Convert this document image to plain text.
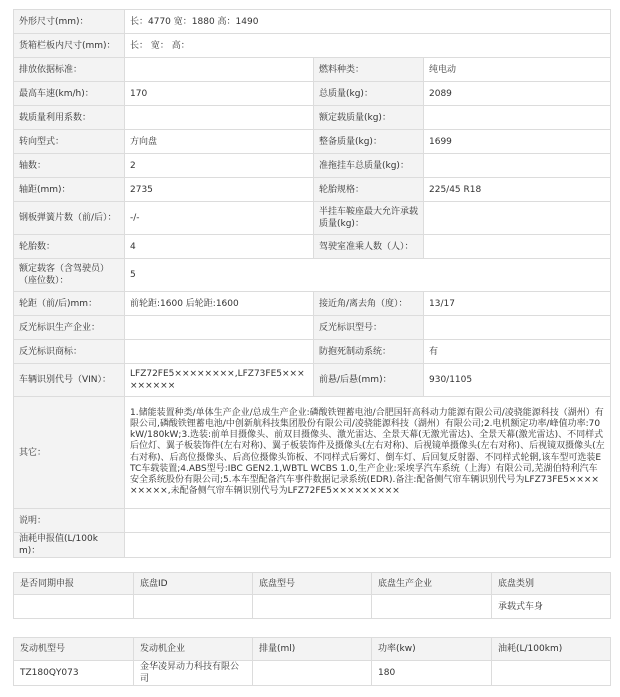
外形尺寸(mm)：	长：4770 宽：1880 高：1490		
货箱栏板内尺寸(mm)：	长： 宽： 高：		
排放依据标准：		燃料种类：	纯电动
最高车速(km/h)：	170	总质量(kg)：	2089
载质量利用系数：		额定载质量(kg)：	
转向型式：	方向盘	整备质量(kg)：	1699
轴数：	2	准拖挂车总质量(kg)：	
轴距(mm)：	2735	轮胎规格：	225/45 R18
钢板弹簧片数（前/后）：	-/-	半挂车鞍座最大允许承载质量(kg)：	
轮胎数：	4	驾驶室准乘人数（人）：	
额定载客（含驾驶员）（座位数）：	5		
轮距（前/后)mm：	前轮距:1600 后轮距:1600	接近角/离去角（度）：	13/17
反光标识生产企业：		反光标识型号：	
反光标识商标：		防抱死制动系统：	有
车辆识别代号（VIN）：	LFZ72FE5××××××××,LFZ73FE5×××××××××	前悬/后悬(mm)：	930/1105
其它：	1.储能装置种类/单体生产企业/总成生产企业:磷酸铁锂蓄电池/合肥国轩高科动力能源有限公司/凌骁能源科技（湖州）有限公司,磷酸铁锂蓄电池/中创新航科技集团股份有限公司/凌骁能源科技（湖州）有限公司;2.电机额定功率/峰值功率:70kW/180kW;3.选装:前单目摄像头、前双目摄像头、激光雷达、全景天幕(无激光雷达)、全景天幕(激光雷达)、不同样式后位灯、翼子板装饰件(左右对称)、翼子板装饰件及摄像头(左右对称)、后视镜单摄像头(左右对称)、后视镜双摄像头(左右对称)、后高位摄像头、后高位摄像头饰板、不同样式后雾灯、倒车灯、后回复反射器、不同样式轮辋,该车型可选装ETC车载装置;4.ABS型号:IBC GEN2.1,WBTL WCBS 1.0,生产企业:采埃孚汽车系统（上海）有限公司,芜湖伯特利汽车安全系统股份有限公司;5.本车型配备汽车事件数据记录系统(EDR).备注:配备侧气帘车辆识别代号为LFZ73FE5×××××××××,未配备侧气帘车辆识别代号为LFZ72FE5×××××××××		
说明：			
油耗申报值(L/100km)：			
是否同期申报	底盘ID	底盘型号	底盘生产企业	底盘类别
				承载式车身
发动机型号	发动机企业	排量(ml)	功率(kw)	油耗(L/100km)
TZ180QY073	金华凌昇动力科技有限公司		180	
